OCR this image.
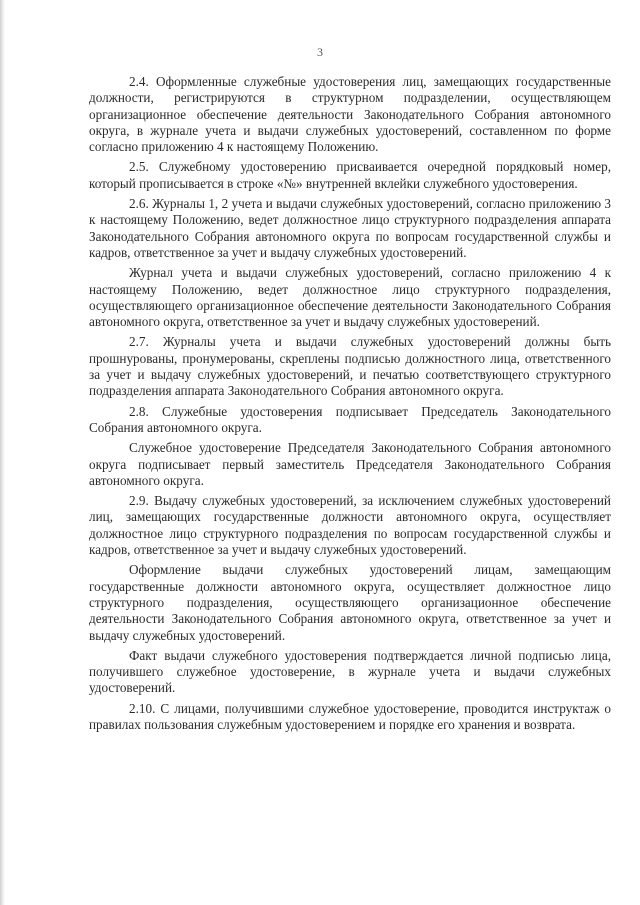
3

2.4. Оформленные служебные удостоверения лиц, замещающих государственные должности, регистрируются в структурном подразделении, осуществляющем организационное обеспечение деятельности Законодательного Собрания автономного округа, в журнале учета и выдачи служебных удостоверений, составленном по форме согласно приложению 4 к настоящему Положению.

2.5. Служебному удостоверению присваивается очередной порядковый номер, который прописывается в строке «№» внутренней вклейки служебного удостоверения.

2.6. Журналы 1, 2 учета и выдачи служебных удостоверений, согласно приложению 3 к настоящему Положению, ведет должностное лицо структурного подразделения аппарата Законодательного Собрания автономного округа по вопросам государственной службы и кадров, ответственное за учет и выдачу служебных удостоверений.

Журнал учета и выдачи служебных удостоверений, согласно приложению 4 к настоящему Положению, ведет должностное лицо структурного подразделения, осуществляющего организационное обеспечение деятельности Законодательного Собрания автономного округа, ответственное за учет и выдачу служебных удостоверений.

2.7. Журналы учета и выдачи служебных удостоверений должны быть прошнурованы, пронумерованы, скреплены подписью должностного лица, ответственного за учет и выдачу служебных удостоверений, и печатью соответствующего структурного подразделения аппарата Законодательного Собрания автономного округа.

2.8. Служебные удостоверения подписывает Председатель Законодательного Собрания автономного округа.

Служебное удостоверение Председателя Законодательного Собрания автономного округа подписывает первый заместитель Председателя Законодательного Собрания автономного округа.

2.9. Выдачу служебных удостоверений, за исключением служебных удостоверений лиц, замещающих государственные должности автономного округа, осуществляет должностное лицо структурного подразделения по вопросам государственной службы и кадров, ответственное за учет и выдачу служебных удостоверений.

Оформление выдачи служебных удостоверений лицам, замещающим государственные должности автономного округа, осуществляет должностное лицо структурного подразделения, осуществляющего организационное обеспечение деятельности Законодательного Собрания автономного округа, ответственное за учет и выдачу служебных удостоверений.

Факт выдачи служебного удостоверения подтверждается личной подписью лица, получившего служебное удостоверение, в журнале учета и выдачи служебных удостоверений.

2.10. С лицами, получившими служебное удостоверение, проводится инструктаж о правилах пользования служебным удостоверением и порядке его хранения и возврата.
